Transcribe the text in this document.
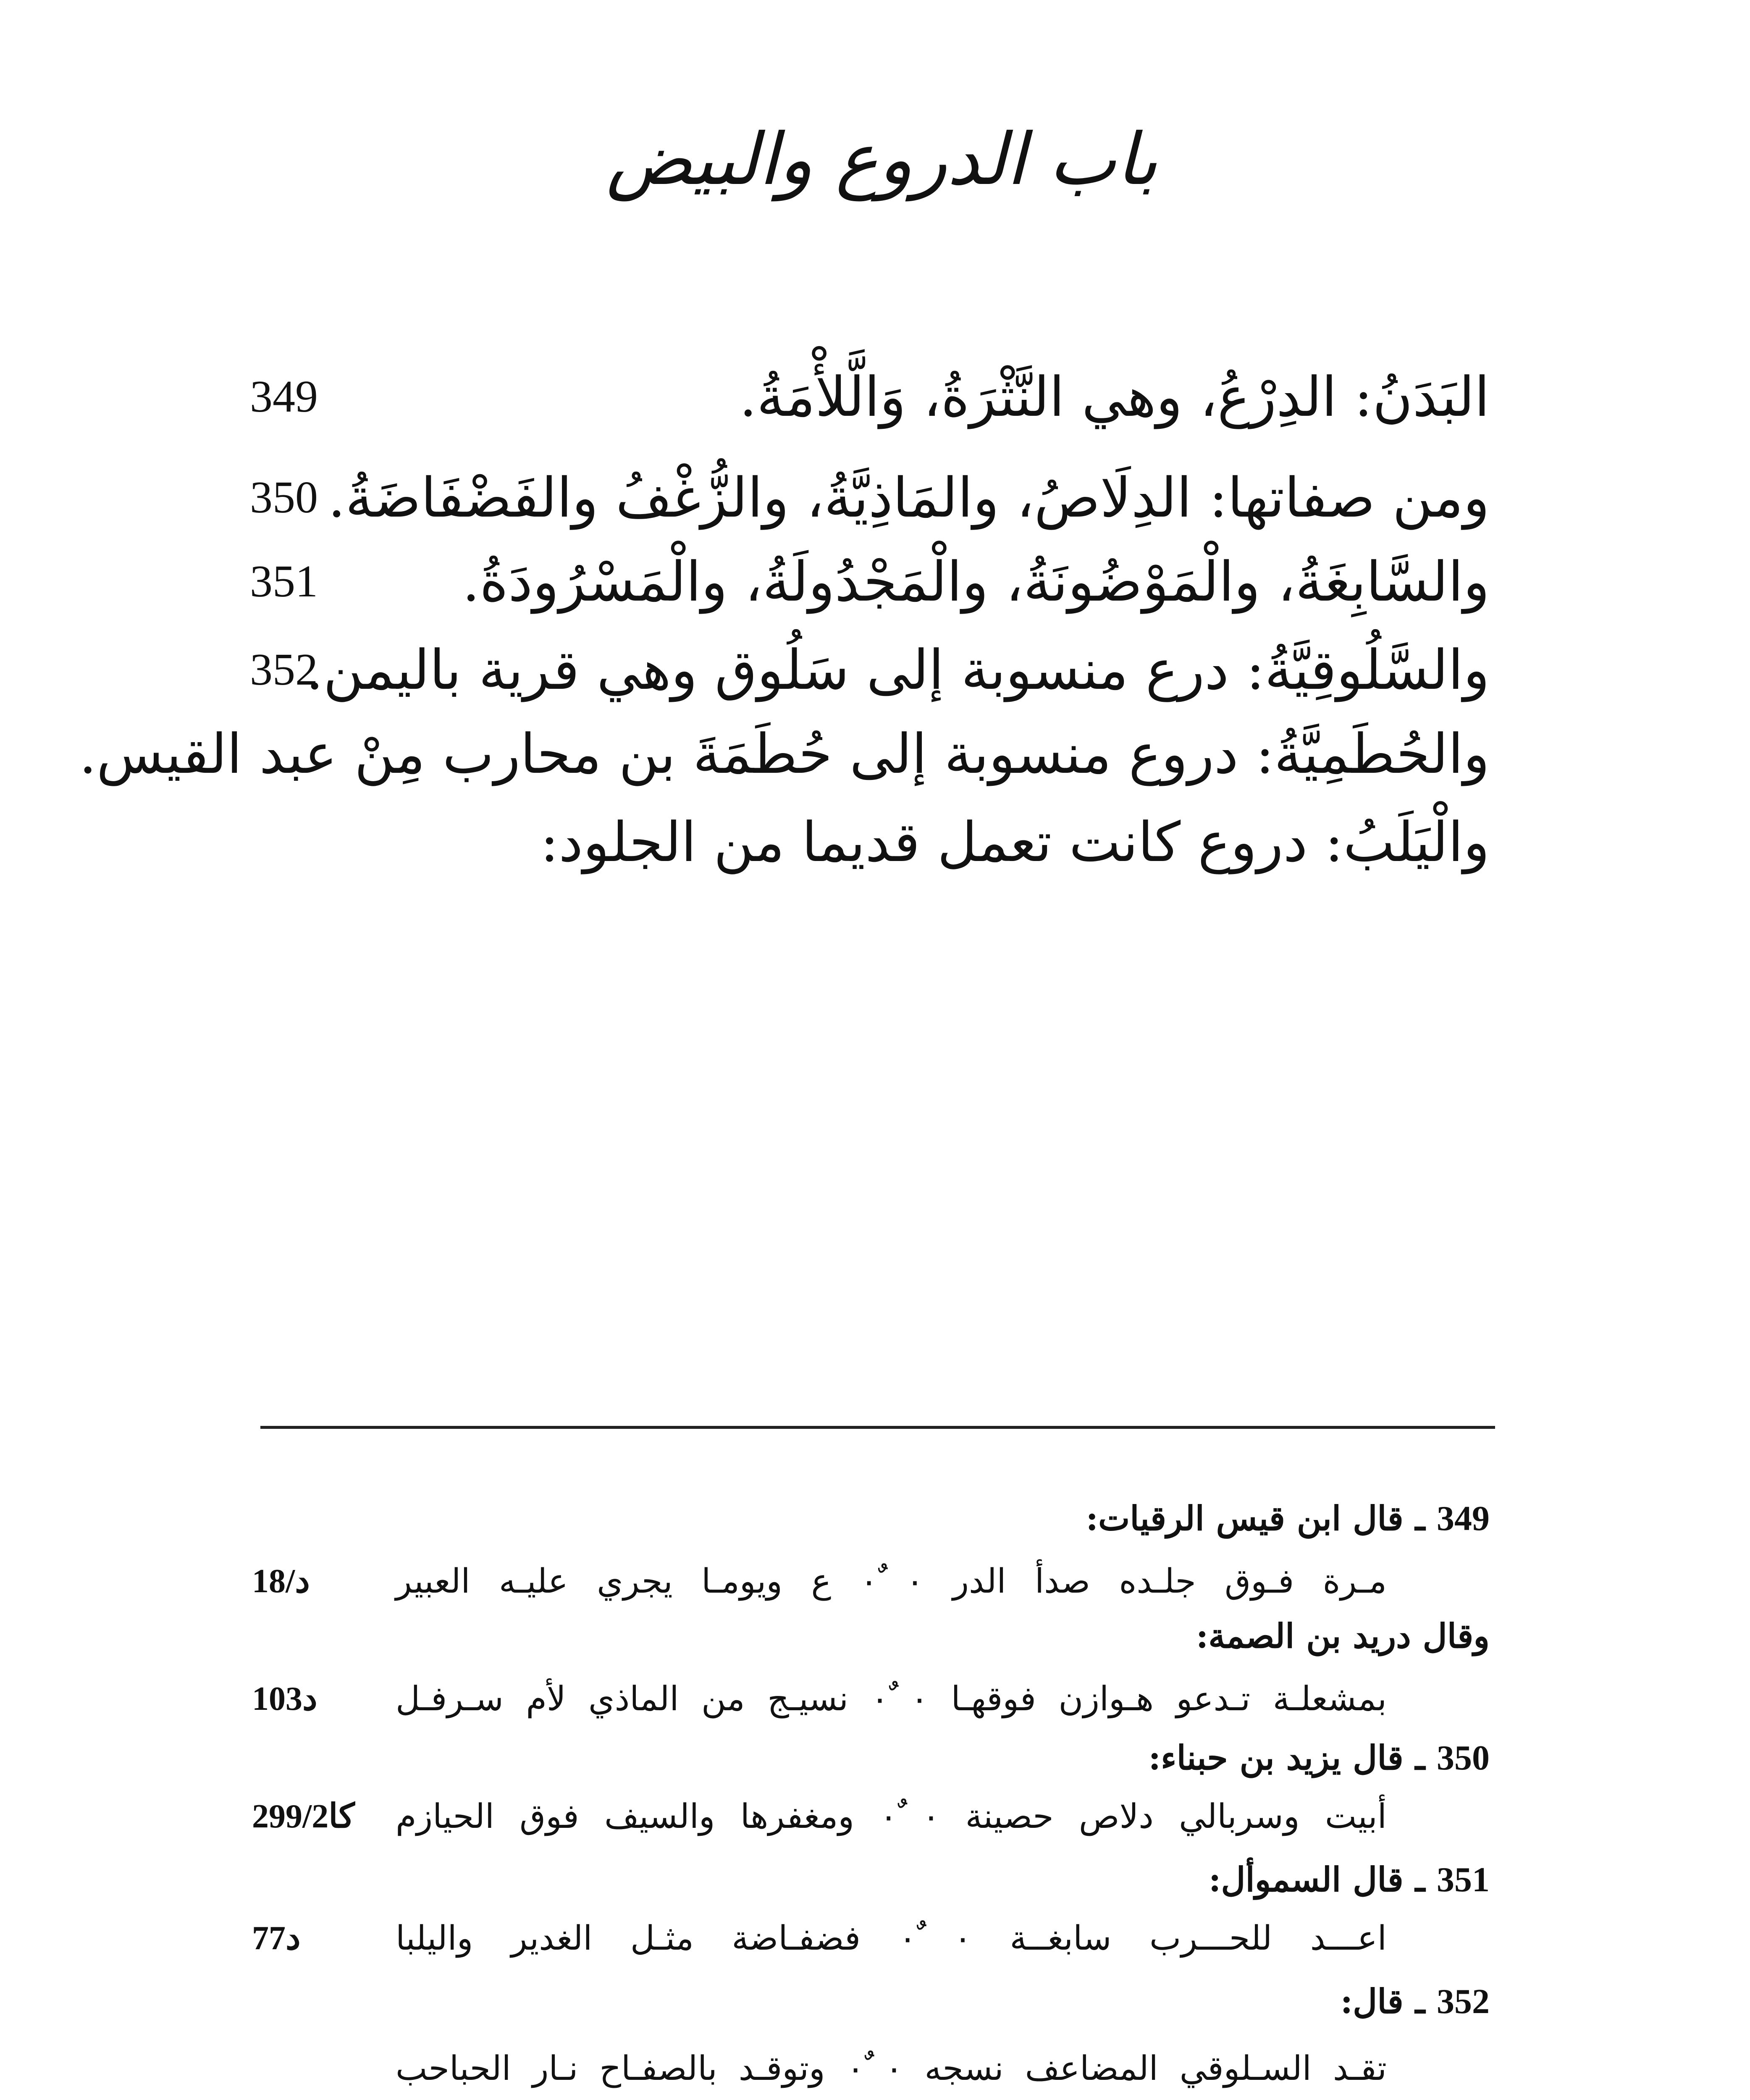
باب الدروع والبيض
البَدَنُ: الدِرْعُ، وهي النَّثْرَةُ، وَالَّلأْمَةُ.
349
ومن صفاتها: الدِلَاصُ، والمَاذِيَّةُ، والزُّغْفُ والفَضْفَاضَةُ.
350
والسَّابِغَةُ، والْمَوْضُونَةُ، والْمَجْدُولَةُ، والْمَسْرُودَةُ.
351
والسَّلُوقِيَّةُ: درع منسوبة إلى سَلُوق وهي قرية باليمن.
352
والحُطَمِيَّةُ: دروع منسوبة إلى حُطَمَةَ بن محارب مِنْ عبد القيس.
والْيَلَبُ: دروع كانت تعمل قديما من الجلود:
349 ـ قال ابن قيس الرقيات:
مـرة فـوق جلـده صدأ الدر ٠ ٌ٠ ع ويومـا يجري عليـه العبير
د/18
وقال دريد بن الصمة:
بمشعلـة تـدعو هـوازن فوقهـا ٠ ٌ٠ نسيـج من الماذي لأم سـرفـل
د103
350 ـ قال يزيد بن حبناء:
أبيت وسربالي دلاص حصينة ٠ ٌ٠ ومغفرها والسيف فوق الحيازم
كا299/2
351 ـ قال السموأل:
اعـــد للحـــرب سابغــة ٠ ٌ٠ فضفـاضة مثـل الغدير واليلبا
د77
352 ـ قال:
تقـد السـلوقي المضاعف نسجه ٠ ٌ٠ وتوقـد بالصفـاح نـار الحباحب
